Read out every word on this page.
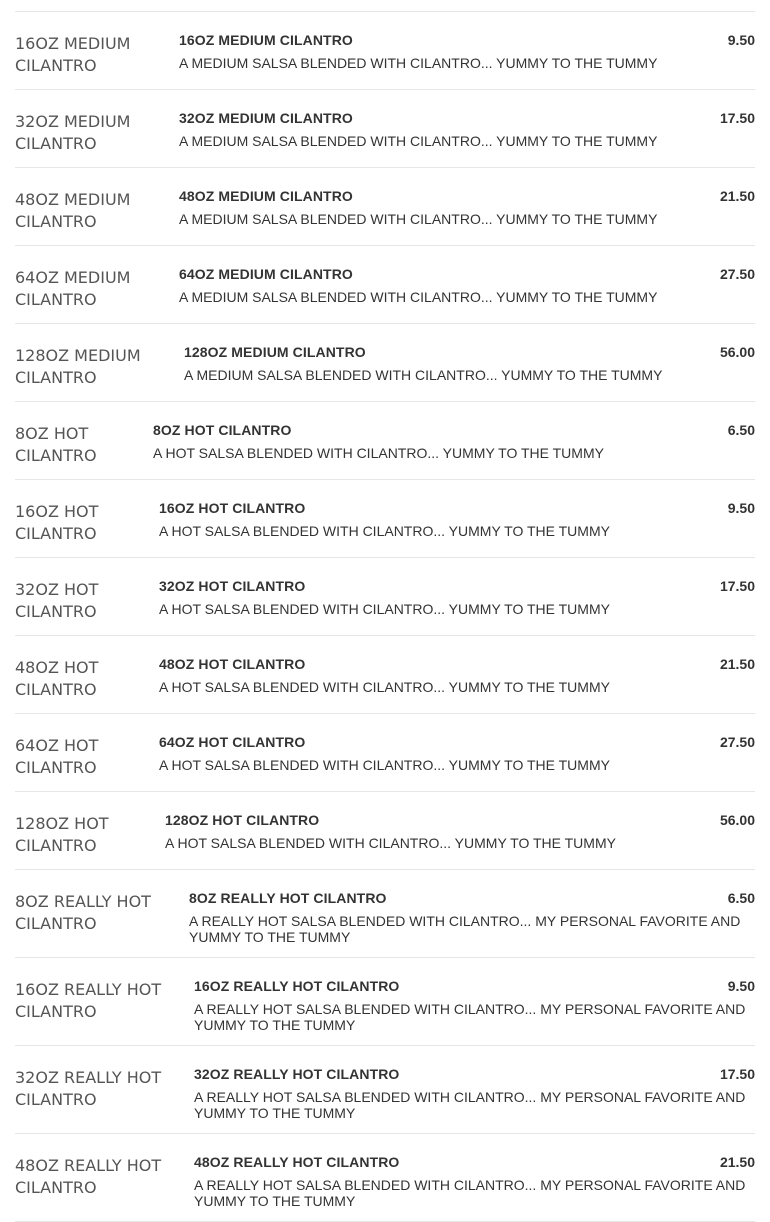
16OZ MEDIUM CILANTRO
16OZ MEDIUM CILANTRO	9.50
A MEDIUM SALSA BLENDED WITH CILANTRO... YUMMY TO THE TUMMY
32OZ MEDIUM CILANTRO
32OZ MEDIUM CILANTRO	17.50
A MEDIUM SALSA BLENDED WITH CILANTRO... YUMMY TO THE TUMMY
48OZ MEDIUM CILANTRO
48OZ MEDIUM CILANTRO	21.50
A MEDIUM SALSA BLENDED WITH CILANTRO... YUMMY TO THE TUMMY
64OZ MEDIUM CILANTRO
64OZ MEDIUM CILANTRO	27.50
A MEDIUM SALSA BLENDED WITH CILANTRO... YUMMY TO THE TUMMY
128OZ MEDIUM CILANTRO
128OZ MEDIUM CILANTRO	56.00
A MEDIUM SALSA BLENDED WITH CILANTRO... YUMMY TO THE TUMMY
8OZ HOT CILANTRO
8OZ HOT CILANTRO	6.50
A HOT SALSA BLENDED WITH CILANTRO... YUMMY TO THE TUMMY
16OZ HOT CILANTRO
16OZ HOT CILANTRO	9.50
A HOT SALSA BLENDED WITH CILANTRO... YUMMY TO THE TUMMY
32OZ HOT CILANTRO
32OZ HOT CILANTRO	17.50
A HOT SALSA BLENDED WITH CILANTRO... YUMMY TO THE TUMMY
48OZ HOT CILANTRO
48OZ HOT CILANTRO	21.50
A HOT SALSA BLENDED WITH CILANTRO... YUMMY TO THE TUMMY
64OZ HOT CILANTRO
64OZ HOT CILANTRO	27.50
A HOT SALSA BLENDED WITH CILANTRO... YUMMY TO THE TUMMY
128OZ HOT CILANTRO
128OZ HOT CILANTRO	56.00
A HOT SALSA BLENDED WITH CILANTRO... YUMMY TO THE TUMMY
8OZ REALLY HOT CILANTRO
8OZ REALLY HOT CILANTRO	6.50
A REALLY HOT SALSA BLENDED WITH CILANTRO... MY PERSONAL FAVORITE AND YUMMY TO THE TUMMY
16OZ REALLY HOT CILANTRO
16OZ REALLY HOT CILANTRO	9.50
A REALLY HOT SALSA BLENDED WITH CILANTRO... MY PERSONAL FAVORITE AND YUMMY TO THE TUMMY
32OZ REALLY HOT CILANTRO
32OZ REALLY HOT CILANTRO	17.50
A REALLY HOT SALSA BLENDED WITH CILANTRO... MY PERSONAL FAVORITE AND YUMMY TO THE TUMMY
48OZ REALLY HOT CILANTRO
48OZ REALLY HOT CILANTRO	21.50
A REALLY HOT SALSA BLENDED WITH CILANTRO... MY PERSONAL FAVORITE AND YUMMY TO THE TUMMY
